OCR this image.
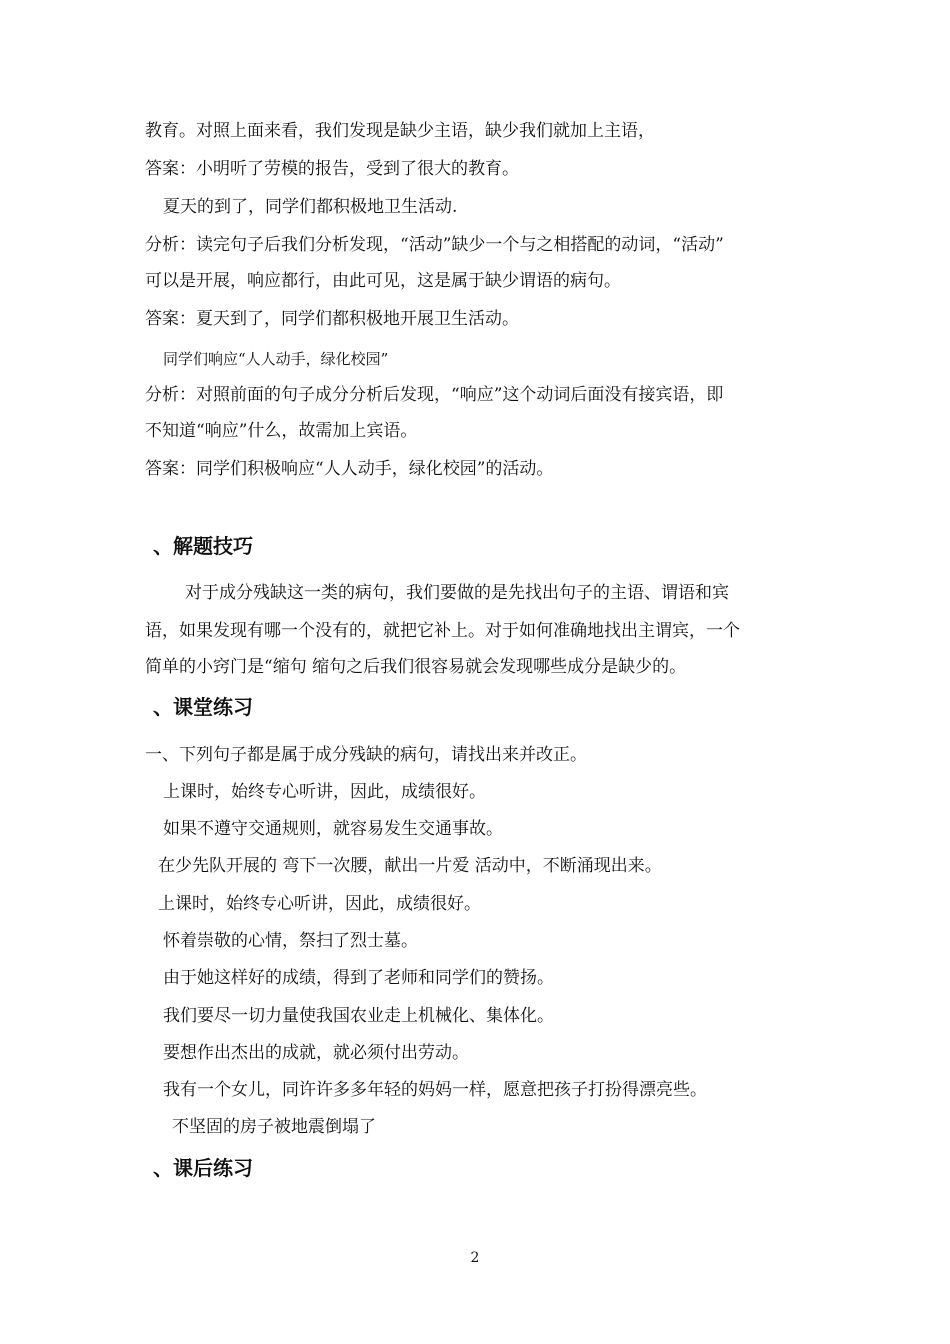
教育。对照上面来看，我们发现是缺少主语，缺少我们就加上主语，
答案：小明听了劳模的报告，受到了很大的教育。
夏天的到了，同学们都积极地卫生活动.
分析：读完句子后我们分析发现，“活动”缺少一个与之相搭配的动词，“活动”
可以是开展，响应都行，由此可见，这是属于缺少谓语的病句。
答案：夏天到了，同学们都积极地开展卫生活动。
同学们响应“人人动手，绿化校园”
分析：对照前面的句子成分分析后发现，“响应”这个动词后面没有接宾语，即
不知道“响应”什么，故需加上宾语。
答案：同学们积极响应“人人动手，绿化校园”的活动。
、解题技巧
对于成分残缺这一类的病句，我们要做的是先找出句子的主语、谓语和宾
语，如果发现有哪一个没有的，就把它补上。对于如何准确地找出主谓宾，一个
简单的小窍门是“缩句 缩句之后我们很容易就会发现哪些成分是缺少的。
、课堂练习
一、下列句子都是属于成分残缺的病句，请找出来并改正。
上课时，始终专心听讲，因此，成绩很好。
如果不遵守交通规则，就容易发生交通事故。
在少先队开展的 弯下一次腰，献出一片爱 活动中，不断涌现出来。
上课时，始终专心听讲，因此，成绩很好。
怀着崇敬的心情，祭扫了烈士墓。
由于她这样好的成绩，得到了老师和同学们的赞扬。
我们要尽一切力量使我国农业走上机械化、集体化。
要想作出杰出的成就，就必须付出劳动。
我有一个女儿，同许许多多年轻的妈妈一样，愿意把孩子打扮得漂亮些。
不坚固的房子被地震倒塌了
、课后练习
2
